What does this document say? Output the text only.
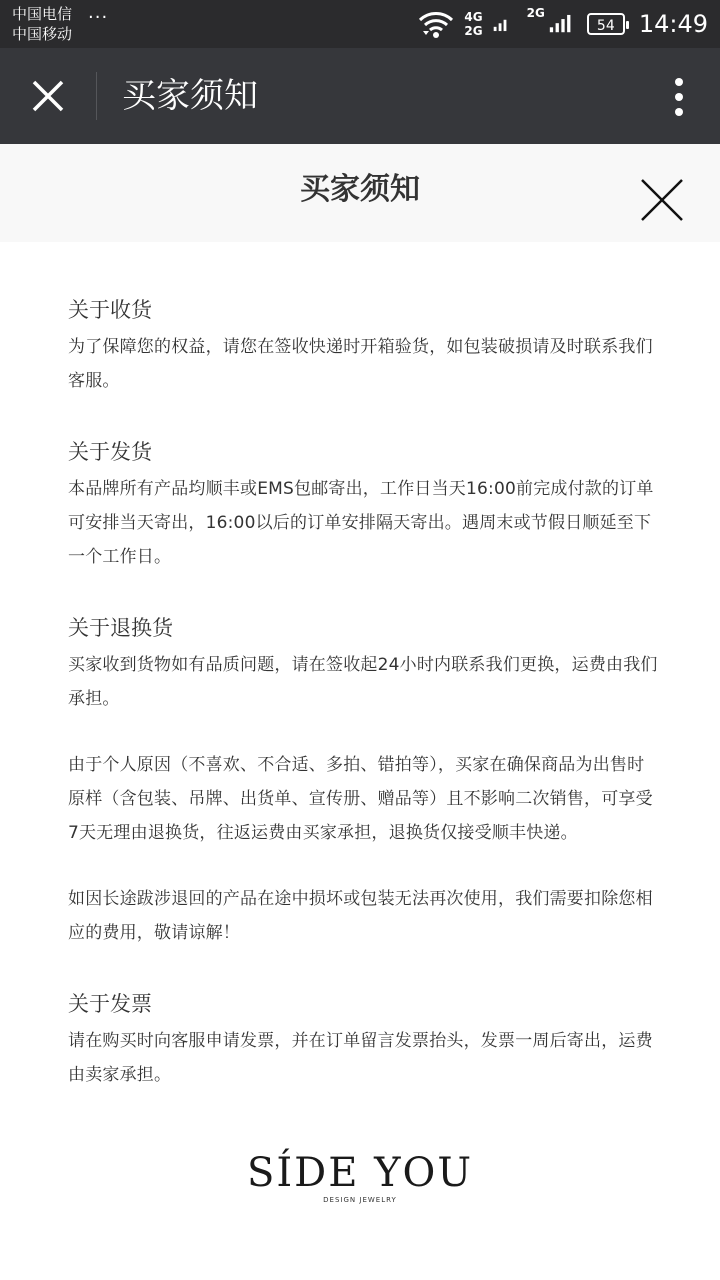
中国电信
中国移动
···	4G
2G
2G
54	14:49
买家须知
买家须知
关于收货

为了保障您的权益，请您在签收快递时开箱验货，如包装破损请及时联系我们客服。

关于发货

本品牌所有产品均顺丰或EMS包邮寄出，工作日当天16:00前完成付款的订单可安排当天寄出，16:00以后的订单安排隔天寄出。遇周末或节假日顺延至下一个工作日。

关于退换货

买家收到货物如有品质问题，请在签收起24小时内联系我们更换，运费由我们承担。

由于个人原因（不喜欢、不合适、多拍、错拍等），买家在确保商品为出售时原样（含包装、吊牌、出货单、宣传册、赠品等）且不影响二次销售，可享受7天无理由退换货，往返运费由买家承担，退换货仅接受顺丰快递。

如因长途跋涉退回的产品在途中损坏或包装无法再次使用，我们需要扣除您相应的费用，敬请谅解！

关于发票

请在购买时向客服申请发票，并在订单留言发票抬头，发票一周后寄出，运费由卖家承担。

SÍDE YOU
DESIGN JEWELRY
